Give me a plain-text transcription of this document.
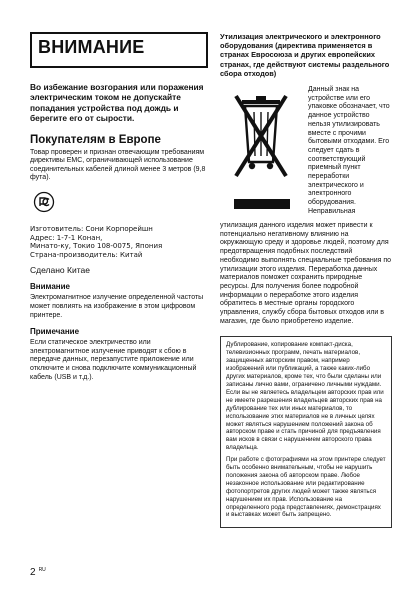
ВНИМАНИЕ
Во избежание возгорания или поражения электрическим током не допускайте попадания устройства под дождь и берегите его от сырости.
Покупателям в Европе
Товар проверен и признан отвечающим требованиям директивы EMC, ограничивающей использование соединительных кабелей длиной менее 3 метров (9,8 фута).
Изготовитель: Сони Корпорейшн
Адрес: 1-7-1 Конан,
Минато-ку, Токио 108-0075, Япония
Страна-производитель: Китай
Сделано Китае
Внимание
Электромагнитное излучение определенной частоты может повлиять на изображение в этом цифровом принтере.
Примечание
Если статическое электричество или электромагнитное излучение приводят к сбою в передаче данных, перезапустите приложение или отключите и снова подключите коммуникационный кабель (USB и т.д.).
Утилизация электрического и электронного оборудования (директива применяется в странах Евросоюза и других европейских странах, где действуют системы раздельного сбора отходов)
Данный знак на устройстве или его упаковке обозначает, что данное устройство нельзя утилизировать вместе с прочими бытовыми отходами. Его следует сдать в соответствующий приемный пункт переработки электрического и электронного оборудования. Неправильная
утилизация данного изделия может привести к потенциально негативному влиянию на окружающую среду и здоровье людей, поэтому для предотвращения подобных последствий необходимо выполнять специальные требования по утилизации этого изделия. Переработка данных материалов поможет сохранить природные ресурсы. Для получения более подробной информации о переработке этого изделия обратитесь в местные органы городского управления, службу сбора бытовых отходов или в магазин, где было приобретено изделие.

Дублирование, копирование компакт-диска, телевизионных программ, печать материалов, защищенных авторским правом, например изображений или публикаций, а также каких-либо других материалов, кроме тех, что были сделаны или записаны лично вами, ограничено личными нуждами. Если вы не являетесь владельцем авторских прав или не имеете разрешения владельцев авторских прав на дублирование тех или иных материалов, то использование этих материалов не в личных целях может являться нарушением положений закона об авторском праве и стать причиной для предъявления вам исков в связи с нарушением авторского права владельца.

При работе с фотографиями на этом принтере следует быть особенно внимательным, чтобы не нарушить положения закона об авторском праве. Любое незаконное использование или редактирование фотопортретов других людей может также являться нарушением их прав. Использование на определенного рода представлениях, демонстрациях и выставках может быть запрещено.

2 $^{RU}$
